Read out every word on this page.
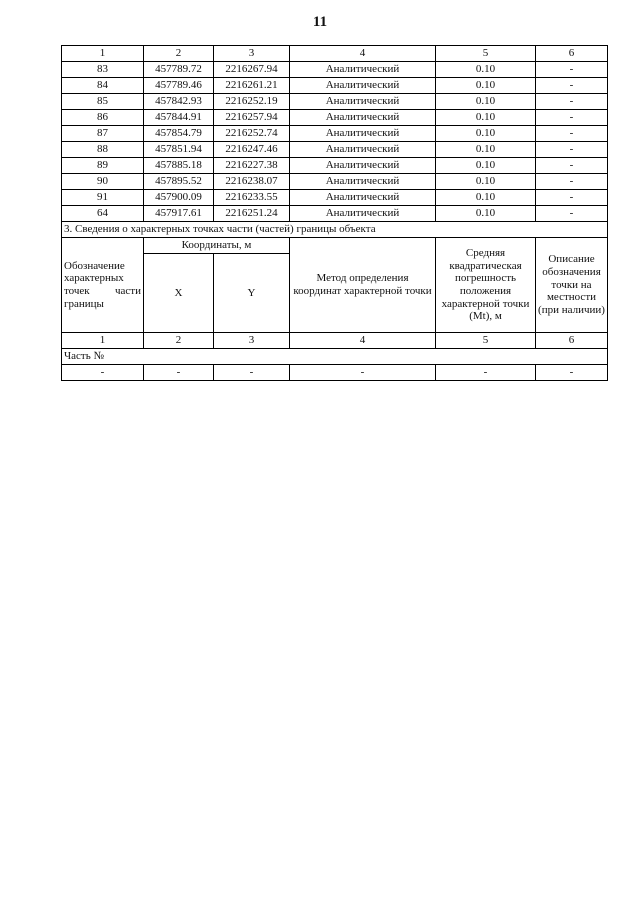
11
1	2	3	4	5	6
83	457789.72	2216267.94	Аналитический	0.10	-
84	457789.46	2216261.21	Аналитический	0.10	-
85	457842.93	2216252.19	Аналитический	0.10	-
86	457844.91	2216257.94	Аналитический	0.10	-
87	457854.79	2216252.74	Аналитический	0.10	-
88	457851.94	2216247.46	Аналитический	0.10	-
89	457885.18	2216227.38	Аналитический	0.10	-
90	457895.52	2216238.07	Аналитический	0.10	-
91	457900.09	2216233.55	Аналитический	0.10	-
64	457917.61	2216251.24	Аналитический	0.10	-
3. Сведения о характерных точках части (частей) границы объекта					
Обозначение характерных точек части границы	Координаты, м		Метод определения координат характерной точки	Средняя квадратическая погрешность положения характерной точки (Mt), м	Описание обозначения точки на местности (при наличии)
	X	Y			
1	2	3	4	5	6
Часть №					
-	-	-	-	-	-
